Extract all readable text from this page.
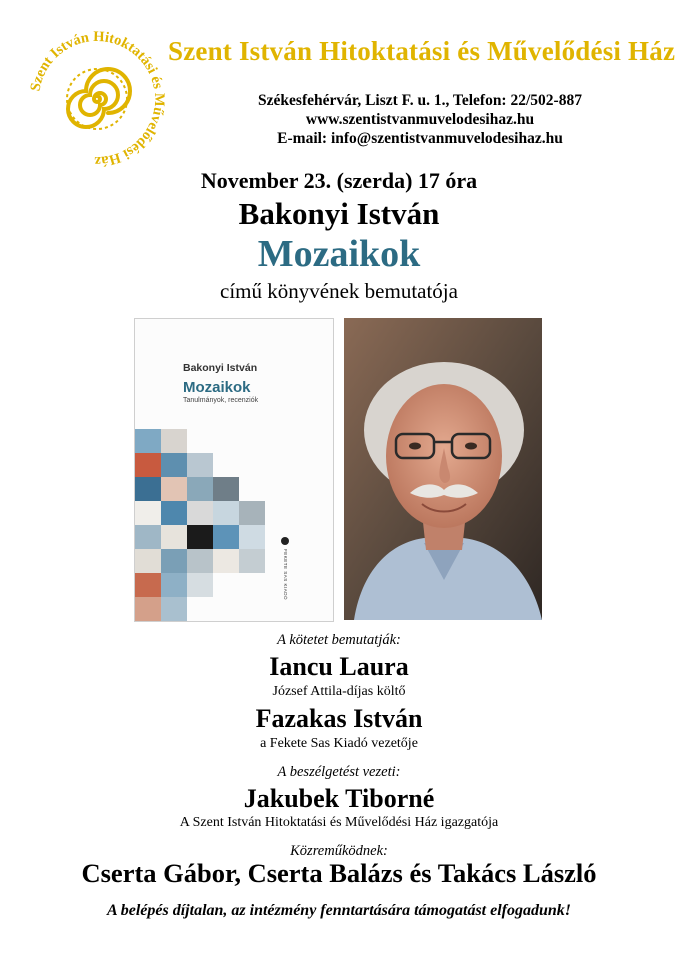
Szent István Hitoktatási és Művelődési Ház
Szent István Hitoktatási és Művelődési Ház
Székesfehérvár, Liszt F. u. 1., Telefon: 22/502-887
www.szentistvanmuvelodesihaz.hu
E-mail: info@szentistvanmuvelodesihaz.hu
November 23. (szerda) 17 óra
Bakonyi István
Mozaikok
című könyvének bemutatója
Bakonyi István
Mozaikok
Tanulmányok, recenziók
FEKETE SAS KIADÓ
A kötetet bemutatják:
Iancu Laura
József Attila-díjas költő
Fazakas István
a Fekete Sas Kiadó vezetője
A beszélgetést vezeti:
Jakubek Tiborné
A Szent István Hitoktatási és Művelődési Ház igazgatója
Közreműködnek:
Cserta Gábor, Cserta Balázs és Takács László
A belépés díjtalan, az intézmény fenntartására támogatást elfogadunk!
